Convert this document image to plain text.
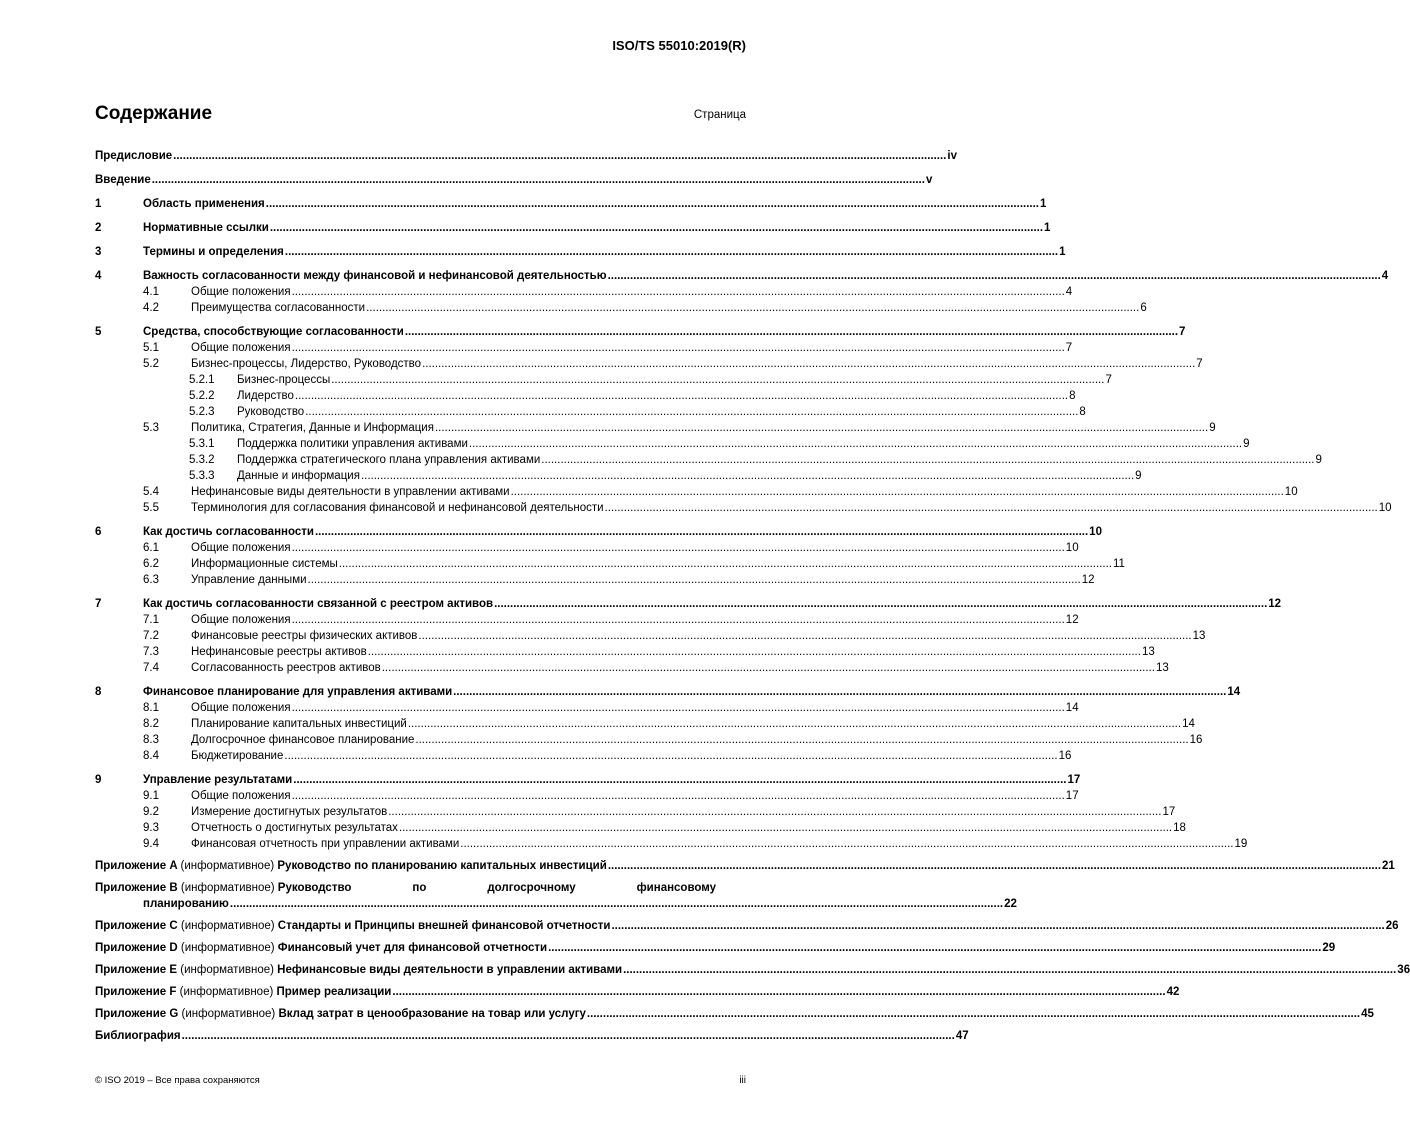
ISO/TS 55010:2019(R)
Содержание	Страница
Предисловие .....	iv
Введение .....	v
1	Область применения .....	1
2	Нормативные ссылки .....	1
3	Термины и определения .....	1
4	Важность согласованности между финансовой и нефинансовой деятельностью .....	4
4.1	Общие положения .....	4
4.2	Преимущества согласованности .....	6
5	Средства, способствующие согласованности .....	7
5.1	Общие положения .....	7
5.2	Бизнес-процессы, Лидерство, Руководство .....	7
5.2.1	Бизнес-процессы .....	7
5.2.2	Лидерство .....	8
5.2.3	Руководство .....	8
5.3	Политика, Стратегия, Данные и Информация .....	9
5.3.1	Поддержка политики управления активами .....	9
5.3.2	Поддержка стратегического плана управления активами .....	9
5.3.3	Данные и информация .....	9
5.4	Нефинансовые виды деятельности в управлении активами .....	10
5.5	Терминология для согласования финансовой и нефинансовой деятельности .....	10
6	Как достичь согласованности .....	10
6.1	Общие положения .....	10
6.2	Информационные системы .....	11
6.3	Управление данными .....	12
7	Как достичь согласованности связанной с реестром активов .....	12
7.1	Общие положения .....	12
7.2	Финансовые реестры физических активов .....	13
7.3	Нефинансовые реестры активов .....	13
7.4	Согласованность реестров активов .....	13
8	Финансовое планирование для управления активами .....	14
8.1	Общие положения .....	14
8.2	Планирование капитальных инвестиций .....	14
8.3	Долгосрочное финансовое планирование .....	16
8.4	Бюджетирование .....	16
9	Управление результатами .....	17
9.1	Общие положения .....	17
9.2	Измерение достигнутых результатов .....	17
9.3	Отчетность о достигнутых результатах .....	18
9.4	Финансовая отчетность при управлении активами .....	19
Приложение A (информативное) Руководство по планированию капитальных инвестиций .....	21
Приложение B (информативное) Руководство	по	долгосрочному	финансовому
планированию .....	22
Приложение C (информативное) Стандарты и Принципы внешней финансовой отчетности .....	26
Приложение D (информативное) Финансовый учет для финансовой отчетности .....	29
Приложение E (информативное) Нефинансовые виды деятельности в управлении активами .....	36
Приложение F (информативное) Пример реализации .....	42
Приложение G (информативное) Вклад затрат в ценообразование на товар или услугу .....	45
Библиография .....	47
© ISO 2019 – Все права сохраняются	iii
